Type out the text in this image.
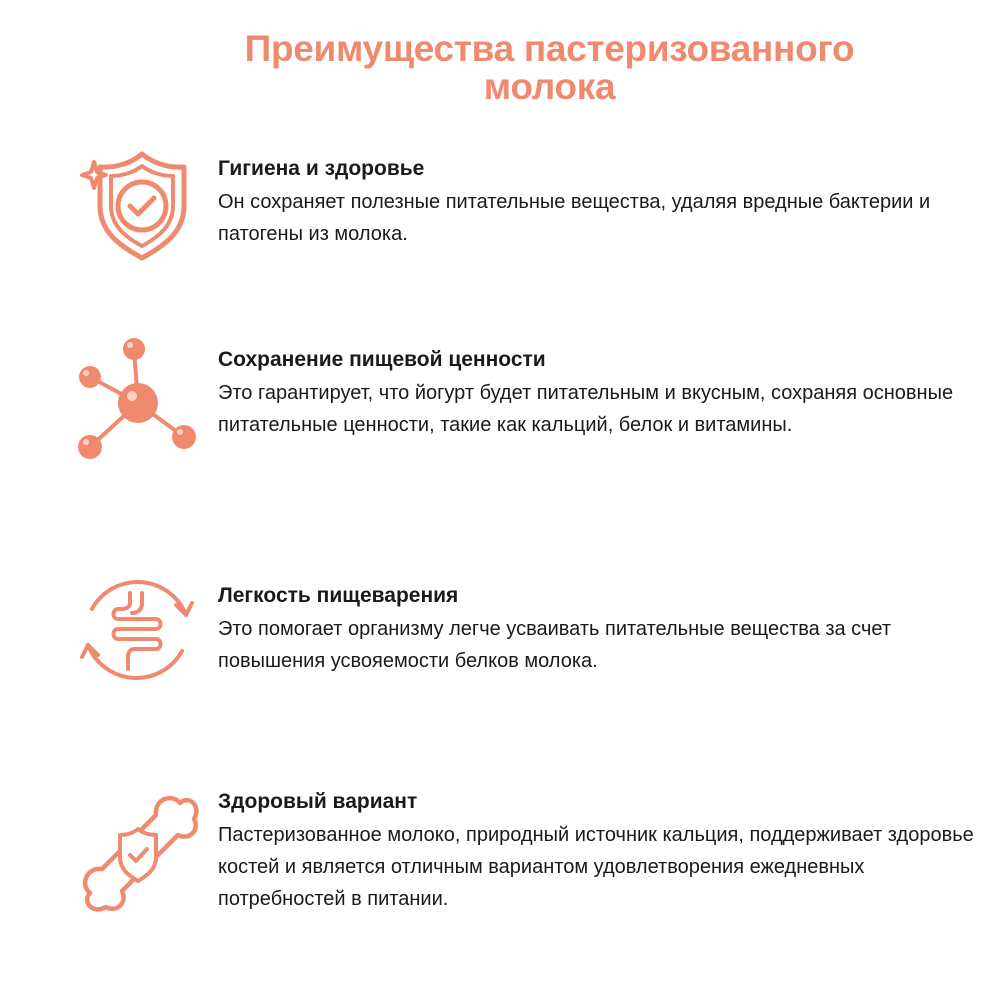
Преимущества пастеризованного
молока
Гигиена и здоровье

Он сохраняет полезные питательные вещества, удаляя вредные бактерии и патогены из молока.

Сохранение пищевой ценности

Это гарантирует, что йогурт будет питательным и вкусным, сохраняя основные питательные ценности, такие как кальций, белок и витамины.

Легкость пищеварения

Это помогает организму легче усваивать питательные вещества за счет повышения усвояемости белков молока.

Здоровый вариант

Пастеризованное молоко, природный источник кальция, поддерживает здоровье костей и является отличным вариантом удовлетворения ежедневных потребностей в питании.
